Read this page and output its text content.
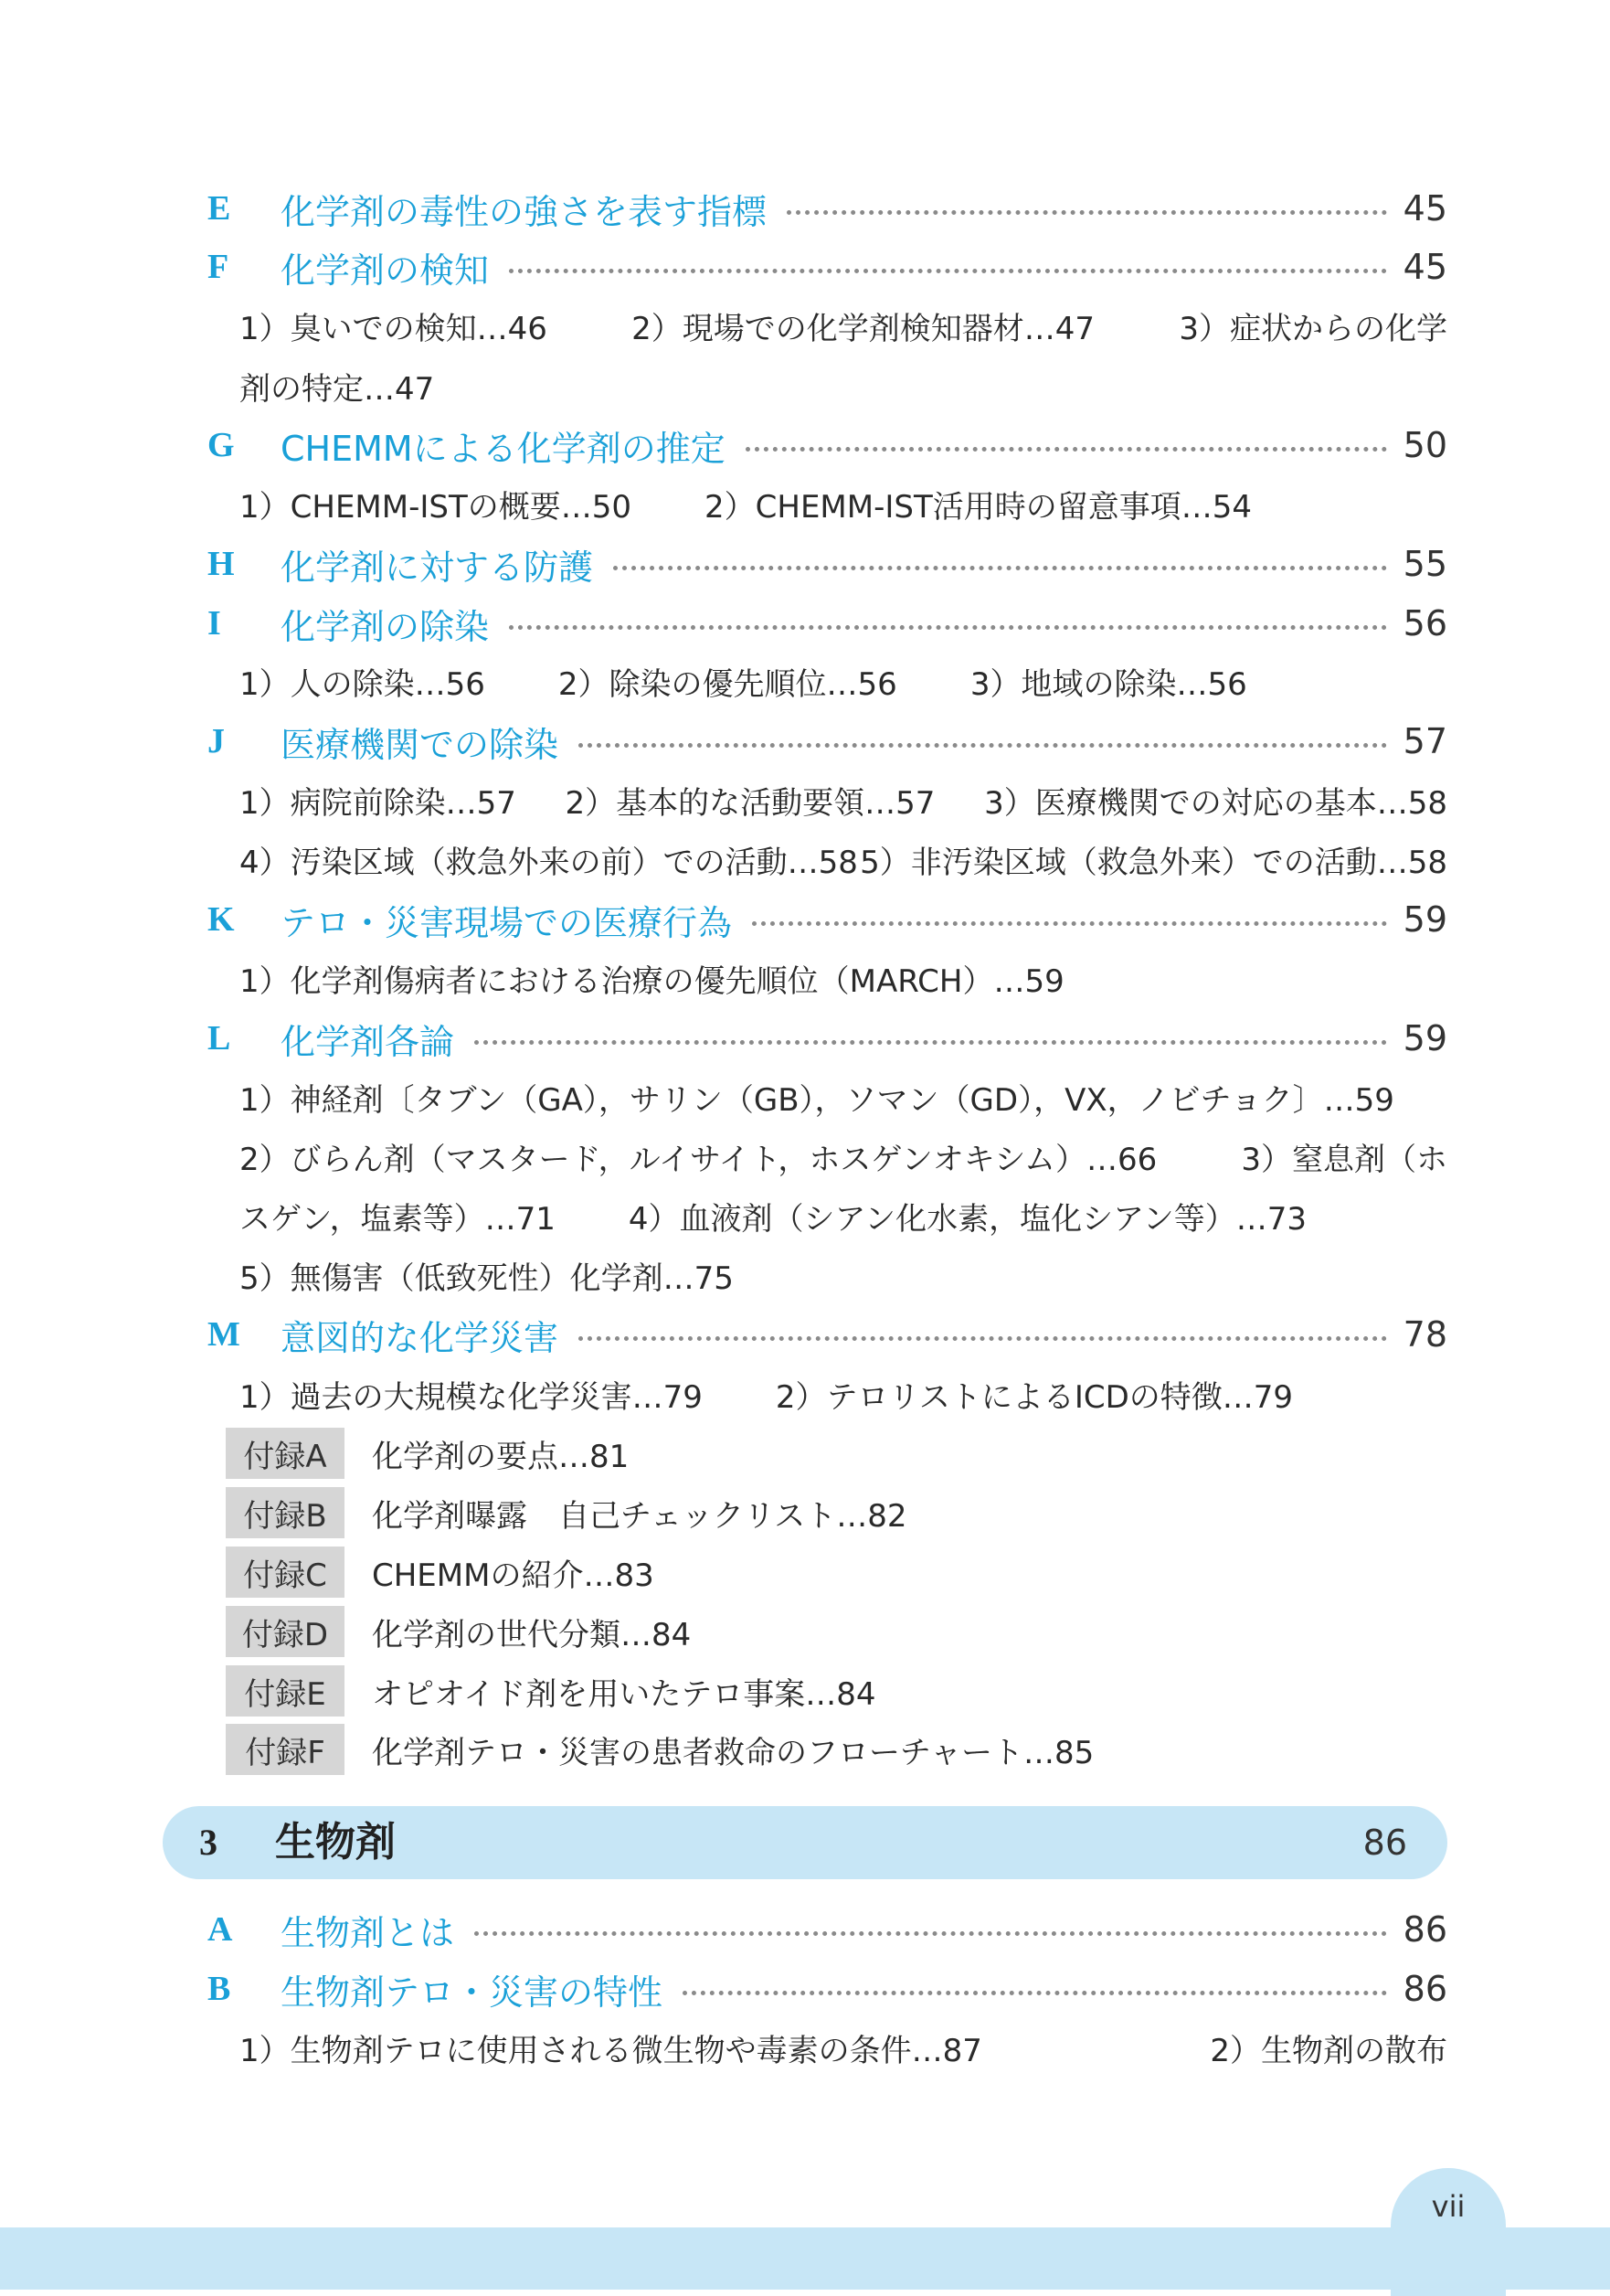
E	化学剤の毒性の強さを表す指標	45
F	化学剤の検知	45
1）臭いでの検知…46	2）現場での化学剤検知器材…47	3）症状からの化学
剤の特定…47
G	CHEMMによる化学剤の推定	50
1）CHEMM-ISTの概要…50 2）CHEMM-IST活用時の留意事項…54
H	化学剤に対する防護	55
I	化学剤の除染	56
1）人の除染…56 2）除染の優先順位…56 3）地域の除染…56
J	医療機関での除染	57
1）病院前除染…57 2）基本的な活動要領…57 3）医療機関での対応の基本…58
4）汚染区域（救急外来の前）での活動…58 5）非汚染区域（救急外来）での活動…58
K	テロ・災害現場での医療行為	59
1）化学剤傷病者における治療の優先順位（MARCH）…59
L	化学剤各論	59
1）神経剤〔タブン（GA），サリン（GB），ソマン（GD），VX，ノビチョク〕…59
2）びらん剤（マスタード，ルイサイト，ホスゲンオキシム）…66	3）窒息剤（ホ
スゲン，塩素等）…71 4）血液剤（シアン化水素，塩化シアン等）…73
5）無傷害（低致死性）化学剤…75
M	意図的な化学災害	78
1）過去の大規模な化学災害…79 2）テロリストによるICDの特徴…79
付録A	化学剤の要点…81
付録B	化学剤曝露　自己チェックリスト…82
付録C	CHEMMの紹介…83
付録D	化学剤の世代分類…84
付録E	オピオイド剤を用いたテロ事案…84
付録F	化学剤テロ・災害の患者救命のフローチャート…85
3 生物剤	86
A	生物剤とは	86
B	生物剤テロ・災害の特性	86
1）生物剤テロに使用される微生物や毒素の条件…87	2）生物剤の散布
vii
